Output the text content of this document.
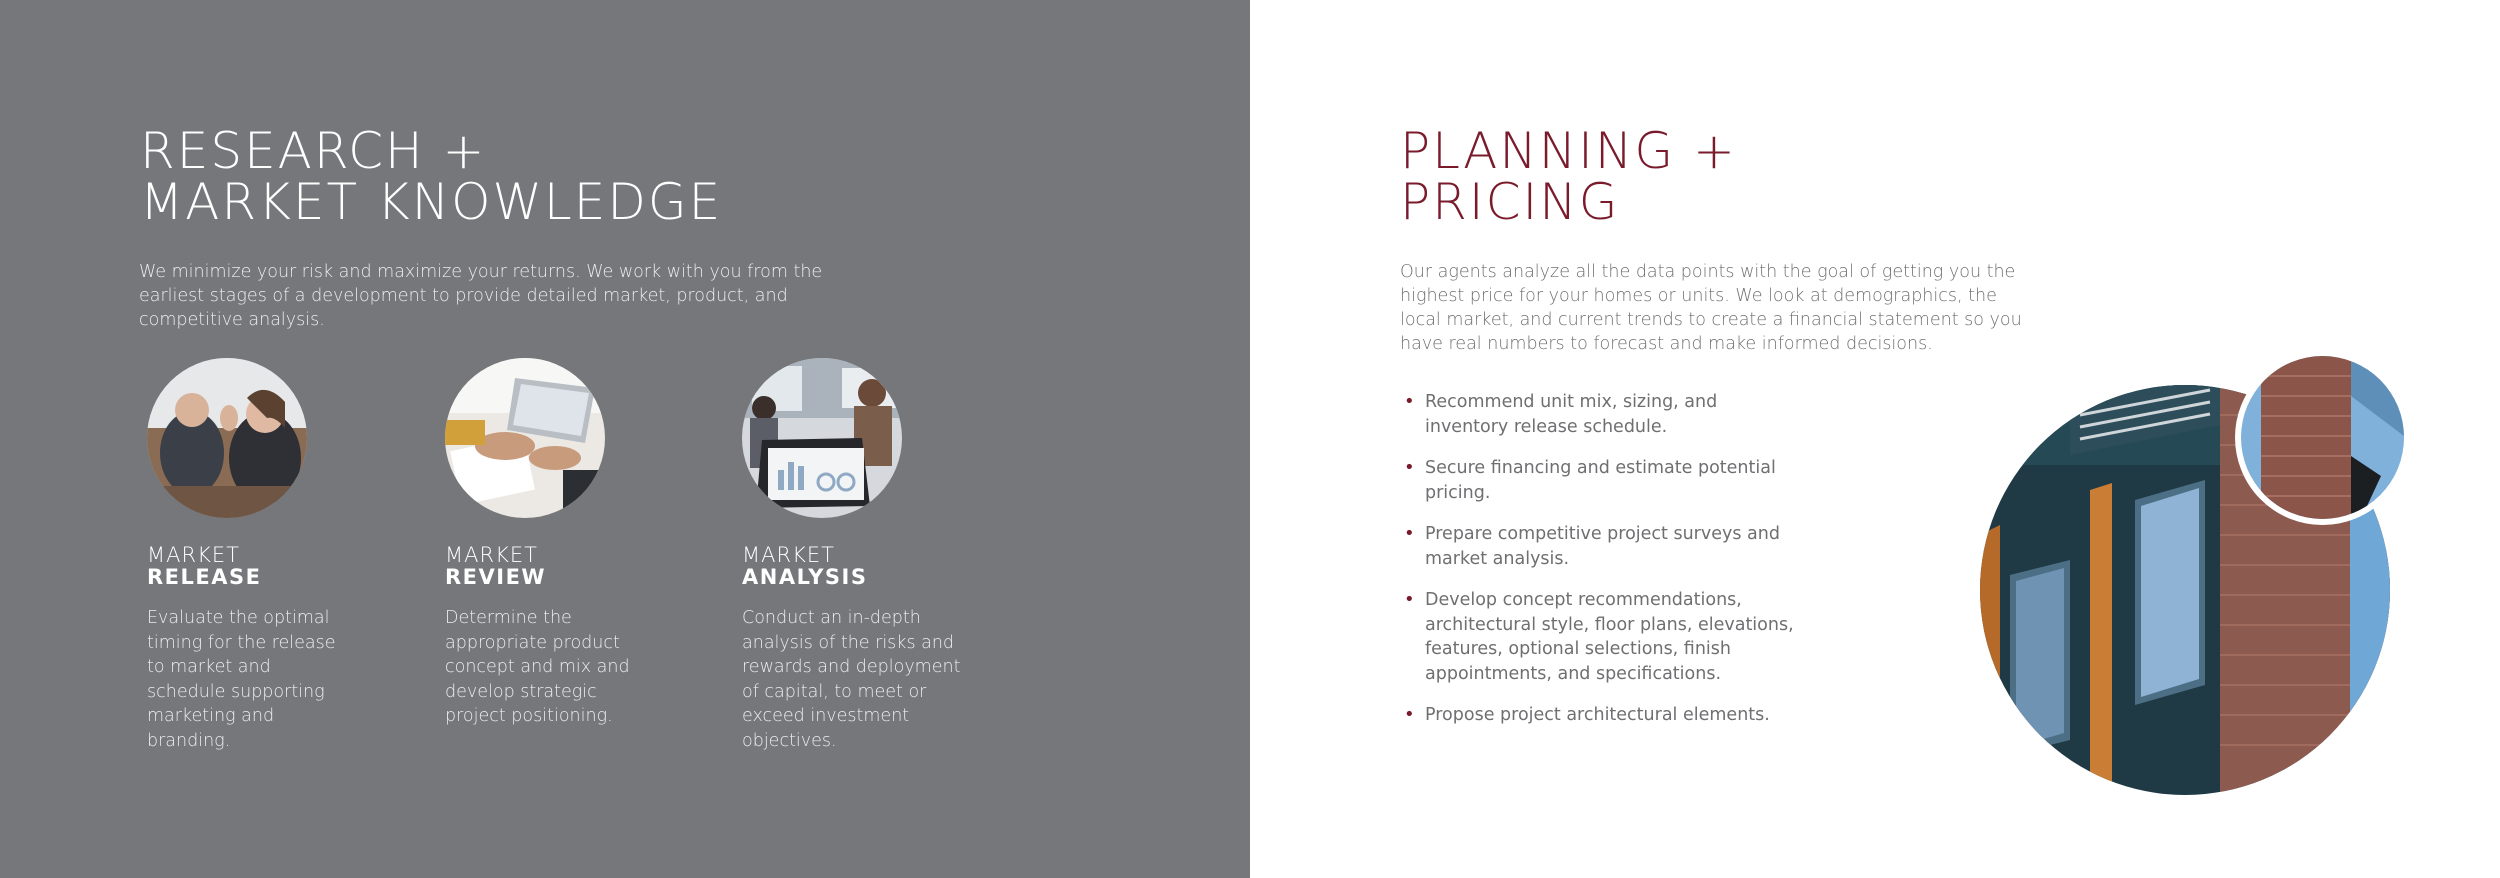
RESEARCH +
MARKET KNOWLEDGE

We minimize your risk and maximize your returns. We work with you from the earliest stages of a development to provide detailed market, product, and competitive analysis.

MARKET

RELEASE

Evaluate the optimal timing for the release to market and schedule supporting marketing and branding.

MARKET

REVIEW

Determine the appropriate product concept and mix and develop strategic project positioning.

MARKET

ANALYSIS

Conduct an in-depth analysis of the risks and rewards and deployment of capital, to meet or exceed investment objectives.

PLANNING +
PRICING

Our agents analyze all the data points with the goal of getting you the highest price for your homes or units. We look at demographics, the local market, and current trends to create a financial statement so you have real numbers to forecast and make informed decisions.

• Recommend unit mix, sizing, and inventory release schedule.
• Secure financing and estimate potential pricing.
• Prepare competitive project surveys and market analysis.
• Develop concept recommendations, architectural style, floor plans, elevations, features, optional selections, finish appointments, and specifications.
• Propose project architectural elements.
